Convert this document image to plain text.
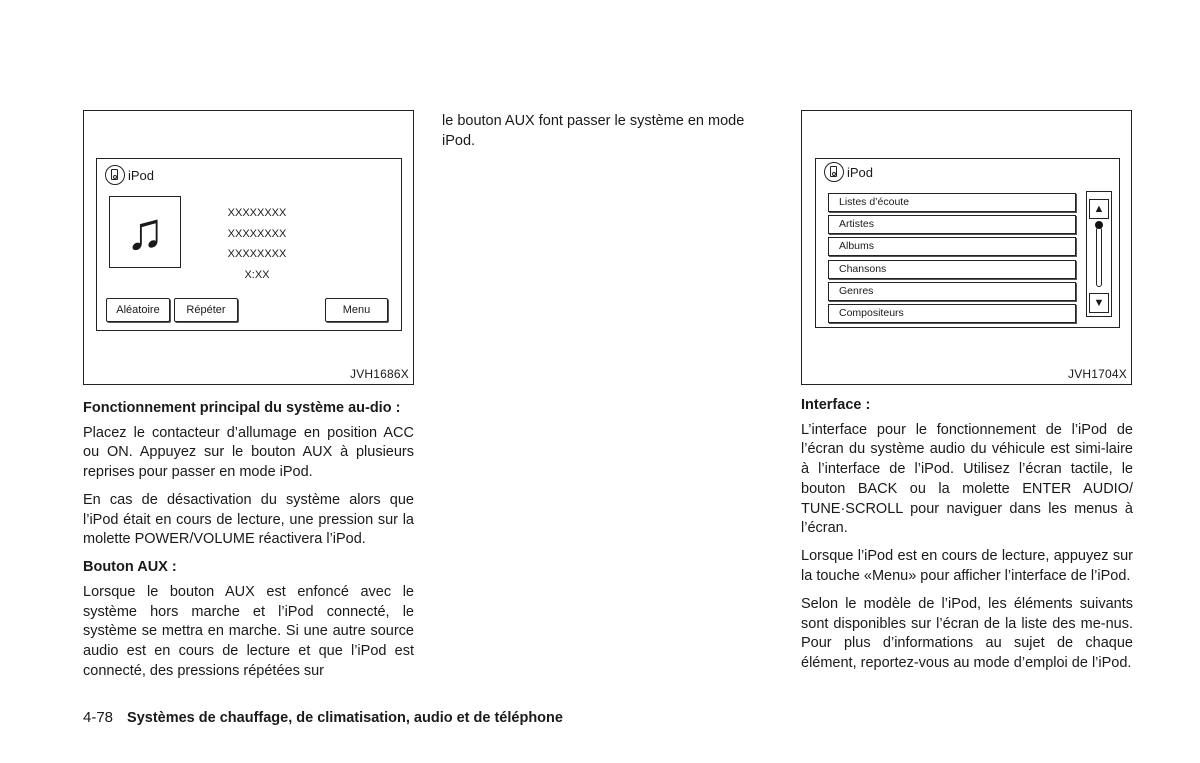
iPod
♫	XXXXXXXX
XXXXXXXX
XXXXXXXX
X:XX
Aléatoire	Répéter	Menu
JVH1686X
iPod
Listes d’écoute
Artistes
Albums
Chansons
Genres
Compositeurs
▲
▼
JVH1704X
Fonctionnement principal du système au-dio :

Placez le contacteur d’allumage en position ACC ou ON. Appuyez sur le bouton AUX à plusieurs reprises pour passer en mode iPod.

En cas de désactivation du système alors que l’iPod était en cours de lecture, une pression sur la molette POWER/VOLUME réactivera l’iPod.

Bouton AUX :

Lorsque le bouton AUX est enfoncé avec le système hors marche et l’iPod connecté, le système se mettra en marche. Si une autre source audio est en cours de lecture et que l’iPod est connecté, des pressions répétées sur

le bouton AUX font passer le système en mode iPod.

Interface :

L’interface pour le fonctionnement de l’iPod de l’écran du système audio du véhicule est simi-laire à l’interface de l’iPod. Utilisez l’écran tactile, le bouton BACK ou la molette ENTER AUDIO/ TUNE·SCROLL pour naviguer dans les menus à l’écran.

Lorsque l’iPod est en cours de lecture, appuyez sur la touche «Menu» pour afficher l’interface de l’iPod.

Selon le modèle de l’iPod, les éléments suivants sont disponibles sur l’écran de la liste des me-nus. Pour plus d’informations au sujet de chaque élément, reportez-vous au mode d’emploi de l’iPod.

4-78 Systèmes de chauffage, de climatisation, audio et de téléphone
